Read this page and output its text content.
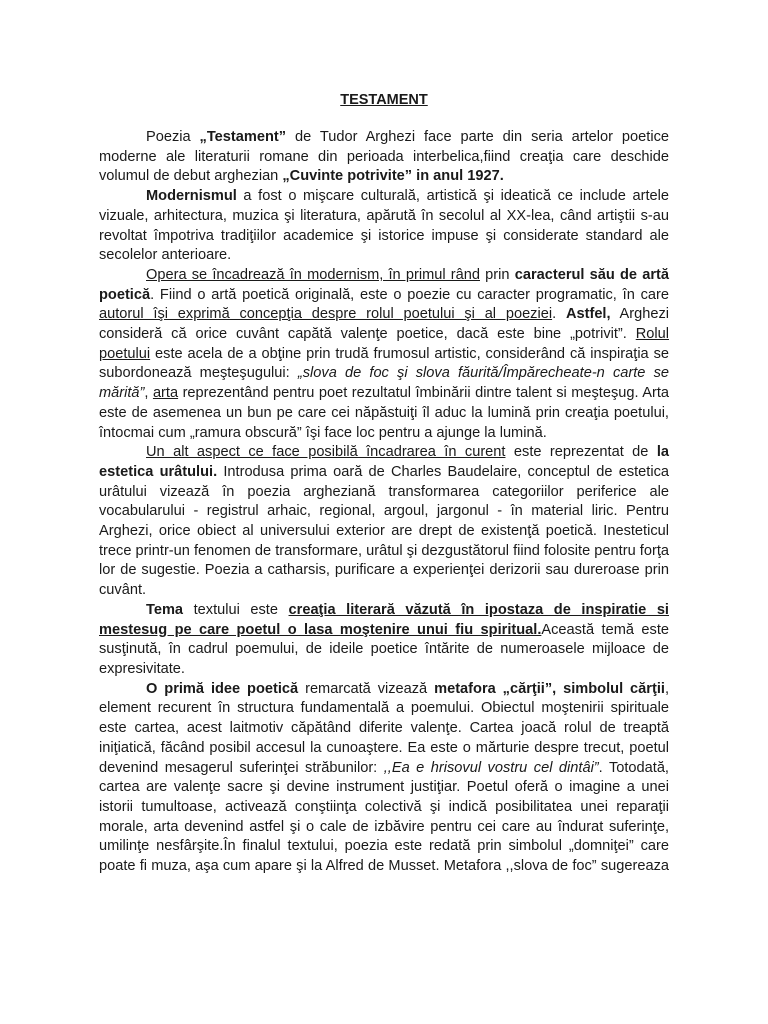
TESTAMENT

Poezia „Testament” de Tudor Arghezi face parte din seria artelor poetice moderne ale literaturii romane din perioada interbelica,fiind creaţia care deschide volumul de debut arghezian „Cuvinte potrivite” in anul 1927.

Modernismul a fost o mişcare culturală, artistică şi ideatică ce include artele vizuale, arhitectura, muzica şi literatura, apărută în secolul al XX-lea, când artiştii s-au revoltat împotriva tradiţiilor academice şi istorice impuse şi considerate standard ale secolelor anterioare.

Opera se încadrează în modernism, în primul rând prin caracterul său de artă poetică. Fiind o artă poetică originală, este o poezie cu caracter programatic, în care autorul îşi exprimă concepţia despre rolul poetului şi al poeziei. Astfel, Arghezi consideră că orice cuvânt capătă valenţe poetice, dacă este bine „potrivit”. Rolul poetului este acela de a obţine prin trudă frumosul artistic, considerând că inspiraţia se subordonează meşteşugului: „slova de foc şi slova făurită/Împărecheate-n carte se mărită”, arta reprezentând pentru poet rezultatul îmbinării dintre talent si meşteşug. Arta este de asemenea un bun pe care cei năpăstuiţi îl aduc la lumină prin creaţia poetului, întocmai cum „ramura obscură” îşi face loc pentru a ajunge la lumină.

Un alt aspect ce face posibilă încadrarea în curent este reprezentat de la estetica urâtului. Introdusa prima oară de Charles Baudelaire, conceptul de estetica urâtului vizează în poezia argheziană transformarea categoriilor periferice ale vocabularului - registrul arhaic, regional, argoul, jargonul - în material liric. Pentru Arghezi, orice obiect al universului exterior are drept de existenţă poetică. Inesteticul trece printr-un fenomen de transformare, urâtul şi dezgustătorul fiind folosite pentru forţa lor de sugestie. Poezia a catharsis, purificare a experienţei derizorii sau dureroase prin cuvânt.

Tema textului este creaţia literară văzută în ipostaza de inspiratie si mestesug pe care poetul o lasa moştenire unui fiu spiritual.Această temă este susţinută, în cadrul poemului, de ideile poetice întărite de numeroasele mijloace de expresivitate.

O primă idee poetică remarcată vizează metafora „cărţii”, simbolul cărţii, element recurent în structura fundamentală a poemului. Obiectul moştenirii spirituale este cartea, acest laitmotiv căpătând diferite valenţe. Cartea joacă rolul de treaptă iniţiatică, făcând posibil accesul la cunoaştere. Ea este o mărturie despre trecut, poetul devenind mesagerul suferinţei străbunilor: ,,Ea e hrisovul vostru cel dintâi”. Totodată, cartea are valenţe sacre şi devine instrument justiţiar. Poetul oferă o imagine a unei istorii tumultoase, activează conştiinţa colectivă şi indică posibilitatea unei reparaţii morale, arta devenind astfel şi o cale de izbăvire pentru cei care au îndurat suferinţe, umilinţe nesfârşite.În finalul textului, poezia este redată prin simbolul „domniţei” care poate fi muza, aşa cum apare şi la Alfred de Musset. Metafora ,,slova de foc” sugereaza
